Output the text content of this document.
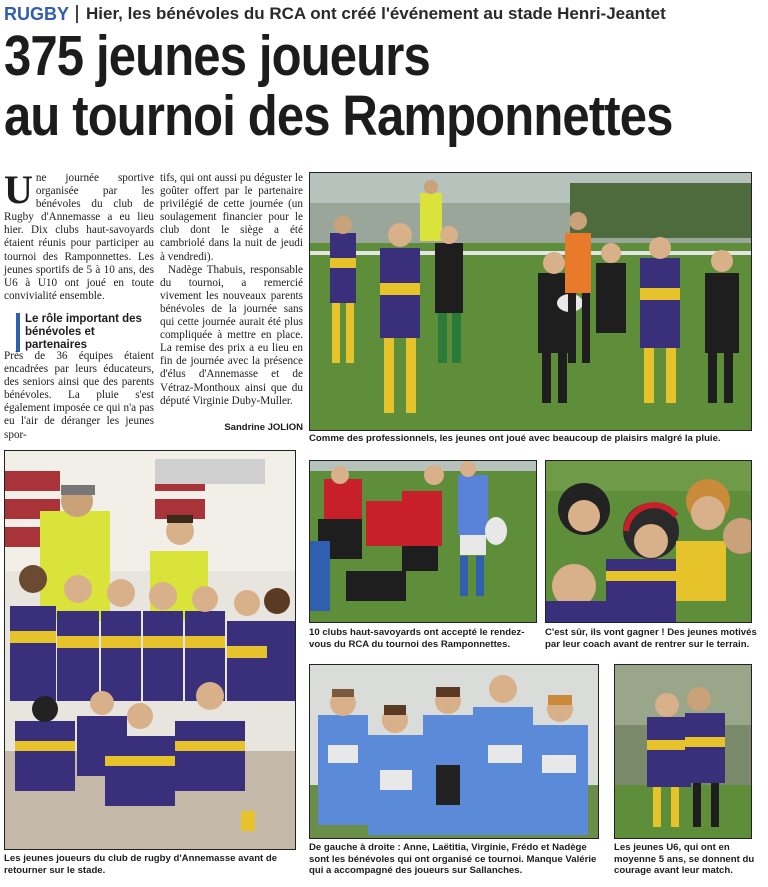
RUGBY Hier, les bénévoles du RCA ont créé l'événement au stade Henri-Jeantet
375 jeunes joueurs
au tournoi des Ramponnettes

Une journée sportive organisée par les bénévoles du club de Rugby d'Annemasse a eu lieu hier. Dix clubs haut-savoyards étaient réunis pour participer au tournoi des Ramponnettes. Les jeunes sportifs de 5 à 10 ans, des U6 à U10 ont joué en toute convivialité ensemble.

Le rôle important des bénévoles et partenaires

Près de 36 équipes étaient encadrées par leurs éducateurs, des seniors ainsi que des parents bénévoles. La pluie s'est également imposée ce qui n'a pas eu l'air de déranger les jeunes spor-

tifs, qui ont aussi pu déguster le goûter offert par le partenaire privilégié de cette journée (un soulagement financier pour le club dont le siège a été cambriolé dans la nuit de jeudi à vendredi).

Nadège Thabuis, responsable du tournoi, a remercié vivement les nouveaux parents bénévoles de la journée sans qui cette journée aurait été plus compliquée à mettre en place. La remise des prix a eu lieu en fin de journée avec la présence d'élus d'Annemasse et de Vétraz-Monthoux ainsi que du député Virginie Duby-Muller.

Sandrine JOLION
Comme des professionnels, les jeunes ont joué avec beaucoup de plaisirs malgré la pluie.
Les jeunes joueurs du club de rugby d'Annemasse avant de retourner sur le stade.
10 clubs haut-savoyards ont accepté le rendez-vous du RCA du tournoi des Ramponnettes.
C'est sûr, ils vont gagner ! Des jeunes motivés par leur coach avant de rentrer sur le terrain.
De gauche à droite : Anne, Laëtitia, Virginie, Frédo et Nadège sont les bénévoles qui ont organisé ce tournoi. Manque Valérie qui a accompagné des joueurs sur Sallanches.
Les jeunes U6, qui ont en moyenne 5 ans, se donnent du courage avant leur match.
